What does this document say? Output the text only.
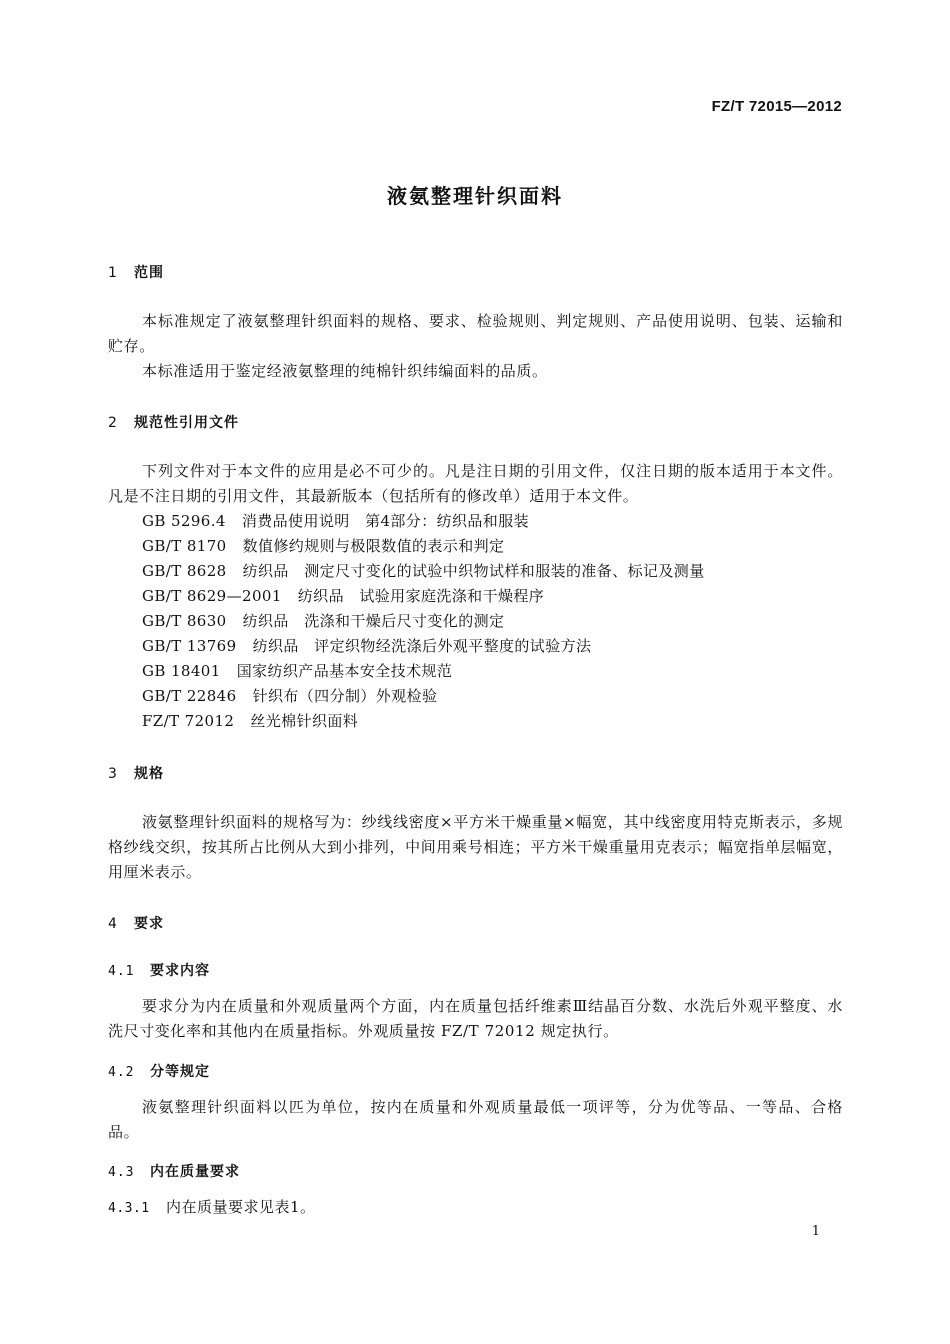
FZ/T 72015—2012
液氨整理针织面料
1 范围
本标准规定了液氨整理针织面料的规格、要求、检验规则、判定规则、产品使用说明、包装、运输和贮存。
本标准适用于鉴定经液氨整理的纯棉针织纬编面料的品质。
2 规范性引用文件
下列文件对于本文件的应用是必不可少的。凡是注日期的引用文件，仅注日期的版本适用于本文件。凡是不注日期的引用文件，其最新版本（包括所有的修改单）适用于本文件。
GB 5296.4 消费品使用说明　第4部分：纺织品和服装
GB/T 8170 数值修约规则与极限数值的表示和判定
GB/T 8628 纺织品　测定尺寸变化的试验中织物试样和服装的准备、标记及测量
GB/T 8629—2001 纺织品　试验用家庭洗涤和干燥程序
GB/T 8630 纺织品　洗涤和干燥后尺寸变化的测定
GB/T 13769 纺织品　评定织物经洗涤后外观平整度的试验方法
GB 18401 国家纺织产品基本安全技术规范
GB/T 22846 针织布（四分制）外观检验
FZ/T 72012 丝光棉针织面料
3 规格
液氨整理针织面料的规格写为：纱线线密度×平方米干燥重量×幅宽，其中线密度用特克斯表示，多规格纱线交织，按其所占比例从大到小排列，中间用乘号相连；平方米干燥重量用克表示；幅宽指单层幅宽，用厘米表示。
4 要求
4.1 要求内容
要求分为内在质量和外观质量两个方面，内在质量包括纤维素Ⅲ结晶百分数、水洗后外观平整度、水洗尺寸变化率和其他内在质量指标。外观质量按 FZ/T 72012 规定执行。
4.2 分等规定
液氨整理针织面料以匹为单位，按内在质量和外观质量最低一项评等，分为优等品、一等品、合格品。
4.3 内在质量要求
4.3.1 内在质量要求见表1。
1
